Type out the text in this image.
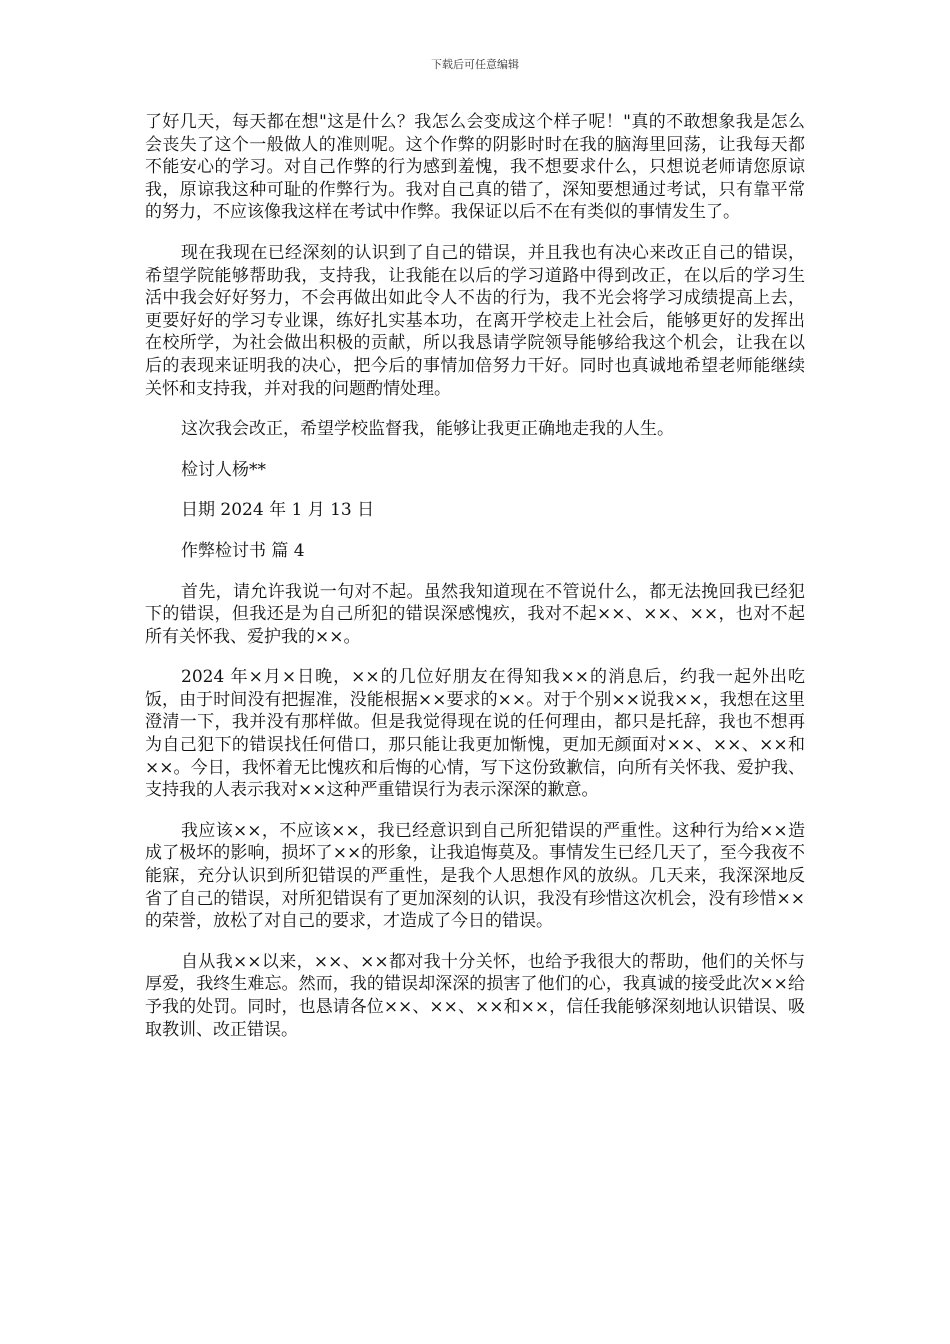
下载后可任意编辑

了好几天，每天都在想"这是什么？我怎么会变成这个样子呢！"真的不敢想象我是怎么会丧失了这个一般做人的准则呢。这个作弊的阴影时时在我的脑海里回荡，让我每天都不能安心的学习。对自己作弊的行为感到羞愧，我不想要求什么，只想说老师请您原谅我，原谅我这种可耻的作弊行为。我对自己真的错了，深知要想通过考试，只有靠平常的努力，不应该像我这样在考试中作弊。我保证以后不在有类似的事情发生了。

现在我现在已经深刻的认识到了自己的错误，并且我也有决心来改正自己的错误，希望学院能够帮助我，支持我，让我能在以后的学习道路中得到改正，在以后的学习生活中我会好好努力，不会再做出如此令人不齿的行为，我不光会将学习成绩提高上去，更要好好的学习专业课，练好扎实基本功，在离开学校走上社会后，能够更好的发挥出在校所学，为社会做出积极的贡献，所以我恳请学院领导能够给我这个机会，让我在以后的表现来证明我的决心，把今后的事情加倍努力干好。同时也真诚地希望老师能继续关怀和支持我，并对我的问题酌情处理。

这次我会改正，希望学校监督我，能够让我更正确地走我的人生。

检讨人杨**

日期 2024 年 1 月 13 日

作弊检讨书 篇 4

首先，请允许我说一句对不起。虽然我知道现在不管说什么，都无法挽回我已经犯下的错误，但我还是为自己所犯的错误深感愧疚，我对不起××、××、××，也对不起所有关怀我、爱护我的××。

2024 年×月×日晚，××的几位好朋友在得知我××的消息后，约我一起外出吃饭，由于时间没有把握准，没能根据××要求的××。对于个别××说我××，我想在这里澄清一下，我并没有那样做。但是我觉得现在说的任何理由，都只是托辞，我也不想再为自己犯下的错误找任何借口，那只能让我更加惭愧，更加无颜面对××、××、××和××。今日，我怀着无比愧疚和后悔的心情，写下这份致歉信，向所有关怀我、爱护我、支持我的人表示我对××这种严重错误行为表示深深的歉意。

我应该××，不应该××，我已经意识到自己所犯错误的严重性。这种行为给××造成了极坏的影响，损坏了××的形象，让我追悔莫及。事情发生已经几天了，至今我夜不能寐，充分认识到所犯错误的严重性，是我个人思想作风的放纵。几天来，我深深地反省了自己的错误，对所犯错误有了更加深刻的认识，我没有珍惜这次机会，没有珍惜××的荣誉，放松了对自己的要求，才造成了今日的错误。

自从我××以来，××、××都对我十分关怀，也给予我很大的帮助，他们的关怀与厚爱，我终生难忘。然而，我的错误却深深的损害了他们的心，我真诚的接受此次××给予我的处罚。同时，也恳请各位××、××、××和××，信任我能够深刻地认识错误、吸取教训、改正错误。
